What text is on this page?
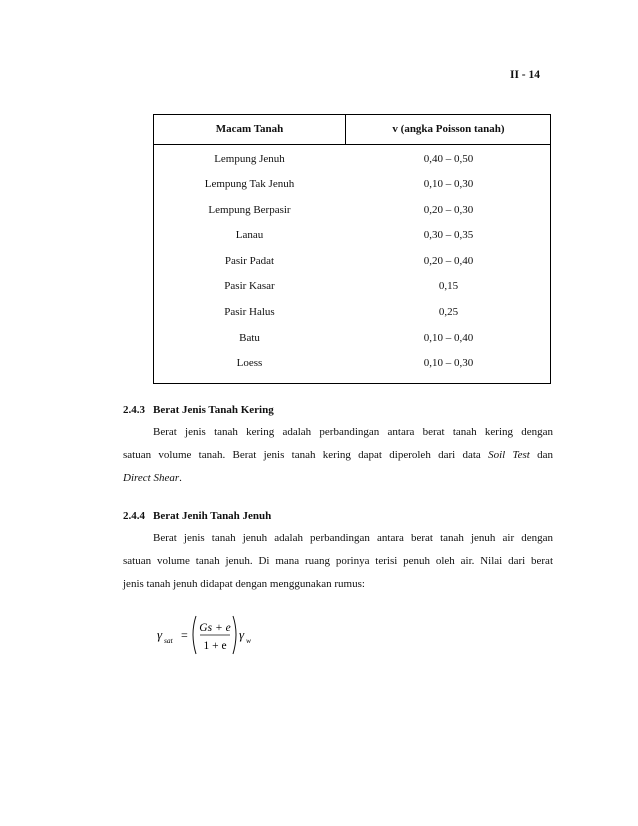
II - 14
Macam Tanah	v (angka Poisson tanah)
Lempung Jenuh	0,40 – 0,50
Lempung Tak Jenuh	0,10 – 0,30
Lempung Berpasir	0,20 – 0,30
Lanau	0,30 – 0,35
Pasir Padat	0,20 – 0,40
Pasir Kasar	0,15
Pasir Halus	0,25
Batu	0,10 – 0,40
Loess	0,10 – 0,30
2.4.3 Berat Jenis Tanah Kering
Berat jenis tanah kering adalah perbandingan antara berat tanah kering dengan
satuan volume tanah. Berat jenis tanah kering dapat diperoleh dari data Soil Test dan
Direct Shear.
2.4.4 Berat Jenih Tanah Jenuh
Berat jenis tanah jenuh adalah perbandingan antara berat tanah jenuh air dengan
satuan volume tanah jenuh. Di mana ruang porinya terisi penuh oleh air. Nilai dari berat
jenis tanah jenuh didapat dengan menggunakan rumus:
γ sat = Gs + e
1 + e
γ w
